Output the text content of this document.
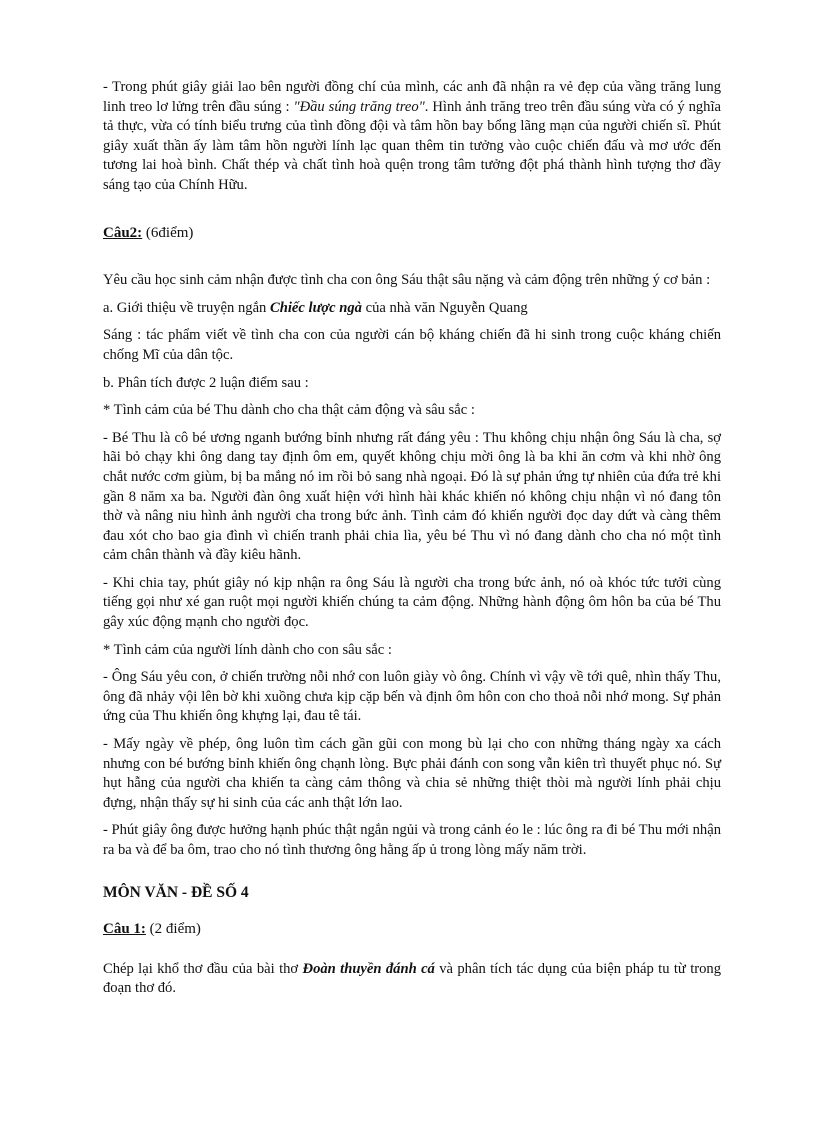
- Trong phút giây giải lao bên người đồng chí của mình, các anh đã nhận ra vẻ đẹp của vầng trăng lung linh treo lơ lửng trên đầu súng : "Đầu súng trăng treo". Hình ảnh trăng treo trên đầu súng vừa có ý nghĩa tả thực, vừa có tính biểu trưng của tình đồng đội và tâm hồn bay bổng lãng mạn của người chiến sĩ. Phút giây xuất thần ấy làm tâm hồn người lính lạc quan thêm tin tưởng vào cuộc chiến đấu và mơ ước đến tương lai hoà bình. Chất thép và chất tình hoà quện trong tâm tưởng đột phá thành hình tượng thơ đầy sáng tạo của Chính Hữu.

Câu2: (6điểm)

Yêu cầu học sinh cảm nhận được tình cha con ông Sáu thật sâu nặng và cảm động trên những ý cơ bản :

a. Giới thiệu về truyện ngắn Chiếc lược ngà của nhà văn Nguyễn Quang

Sáng : tác phẩm viết về tình cha con của người cán bộ kháng chiến đã hi sinh trong cuộc kháng chiến chống Mĩ của dân tộc.

b. Phân tích được 2 luận điểm sau :

* Tình cảm của bé Thu dành cho cha thật cảm động và sâu sắc :

- Bé Thu là cô bé ương nganh bướng bỉnh nhưng rất đáng yêu : Thu không chịu nhận ông Sáu là cha, sợ hãi bỏ chạy khi ông dang tay định ôm em, quyết không chịu mời ông là ba khi ăn cơm và khi nhờ ông chắt nước cơm giùm, bị ba mắng nó im rồi bỏ sang nhà ngoại. Đó là sự phản ứng tự nhiên của đứa trẻ khi gần 8 năm xa ba. Người đàn ông xuất hiện với hình hài khác khiến nó không chịu nhận vì nó đang tôn thờ và nâng niu hình ảnh người cha trong bức ảnh. Tình cảm đó khiến người đọc day dứt và càng thêm đau xót cho bao gia đình vì chiến tranh phải chia lìa, yêu bé Thu vì nó đang dành cho cha nó một tình cảm chân thành và đầy kiêu hãnh.

- Khi chia tay, phút giây nó kịp nhận ra ông Sáu là người cha trong bức ảnh, nó oà khóc tức tưởi cùng tiếng gọi như xé gan ruột mọi người khiến chúng ta cảm động. Những hành động ôm hôn ba của bé Thu gây xúc động mạnh cho người đọc.

* Tình cảm của người lính dành cho con sâu sắc :

- Ông Sáu yêu con, ở chiến trường nỗi nhớ con luôn giày vò ông. Chính vì vậy về tới quê, nhìn thấy Thu, ông đã nhảy vội lên bờ khi xuồng chưa kịp cặp bến và định ôm hôn con cho thoả nỗi nhớ mong. Sự phản ứng của Thu khiến ông khựng lại, đau tê tái.

- Mấy ngày về phép, ông luôn tìm cách gần gũi con mong bù lại cho con những tháng ngày xa cách nhưng con bé bướng bỉnh khiến ông chạnh lòng. Bực phải đánh con song vẫn kiên trì thuyết phục nó. Sự hụt hẫng của người cha khiến ta càng cảm thông và chia sẻ những thiệt thòi mà người lính phải chịu đựng, nhận thấy sự hi sinh của các anh thật lớn lao.

- Phút giây ông được hưởng hạnh phúc thật ngắn ngủi và trong cảnh éo le : lúc ông ra đi bé Thu mới nhận ra ba và để ba ôm, trao cho nó tình thương ông hằng ấp ủ trong lòng mấy năm trời.

MÔN VĂN - ĐỀ SỐ 4

Câu 1: (2 điểm)

Chép lại khổ thơ đầu của bài thơ Đoàn thuyền đánh cá và phân tích tác dụng của biện pháp tu từ trong đoạn thơ đó.
